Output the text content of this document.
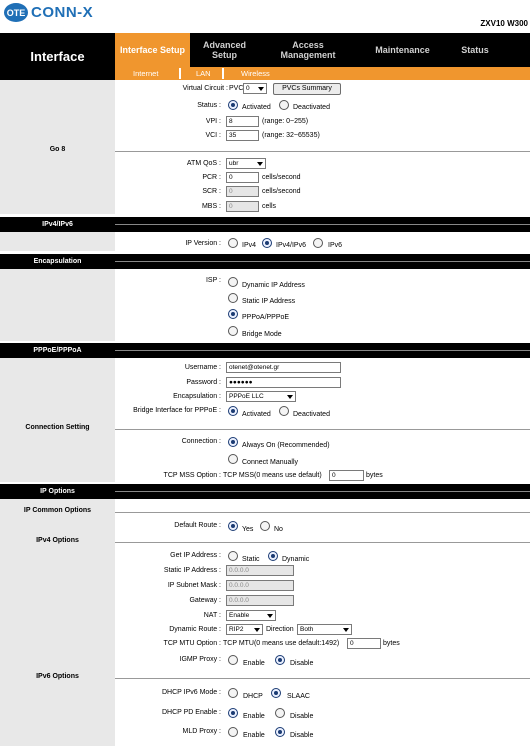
OTE CONN-X
ZXV10 W300
Interface	Interface Setup	Advanced Setup
Access Management	Maintenance	Status
Internet	LAN	Wireless
Virtual Circuit : PVC 0	PVCs Summary
Status :	Activated	Deactivated
VPI :	8	(range: 0~255)
VCI :	35	(range: 32~65535)
Go 8
ATM QoS :	ubr
PCR :	0	cells/second
SCR :	0	cells/second
MBS :	0	cells
IPv4/IPv6
IP Version :	IPv4	IPv4/IPv6	IPv6
Encapsulation
ISP :
Dynamic IP Address
Static IP Address
PPPoA/PPPoE
Bridge Mode
PPPoE/PPPoA
Username :	otenet@otenet.gr
Password :	●●●●●●
Encapsulation :	PPPoE LLC
Bridge Interface for PPPoE :
Activated	Deactivated
Connection Setting
Connection :
Always On (Recommended)
Connect Manually
TCP MSS Option : TCP MSS(0 means use default)	0	bytes
IP Options
IP Common Options
Default Route :
Yes	No
IPv4 Options
Get IP Address :
Static	Dynamic
Static IP Address :	0.0.0.0
IP Subnet Mask :	0.0.0.0
Gateway :	0.0.0.0
NAT :	Enable
Dynamic Route :	RIP2	Direction Both
TCP MTU Option : TCP MTU(0 means use default:1492)	0	bytes
IGMP Proxy :
Enable	Disable
IPv6 Options
DHCP IPv6 Mode :
DHCP	SLAAC
DHCP PD Enable :
Enable	Disable
MLD Proxy :
Enable	Disable
